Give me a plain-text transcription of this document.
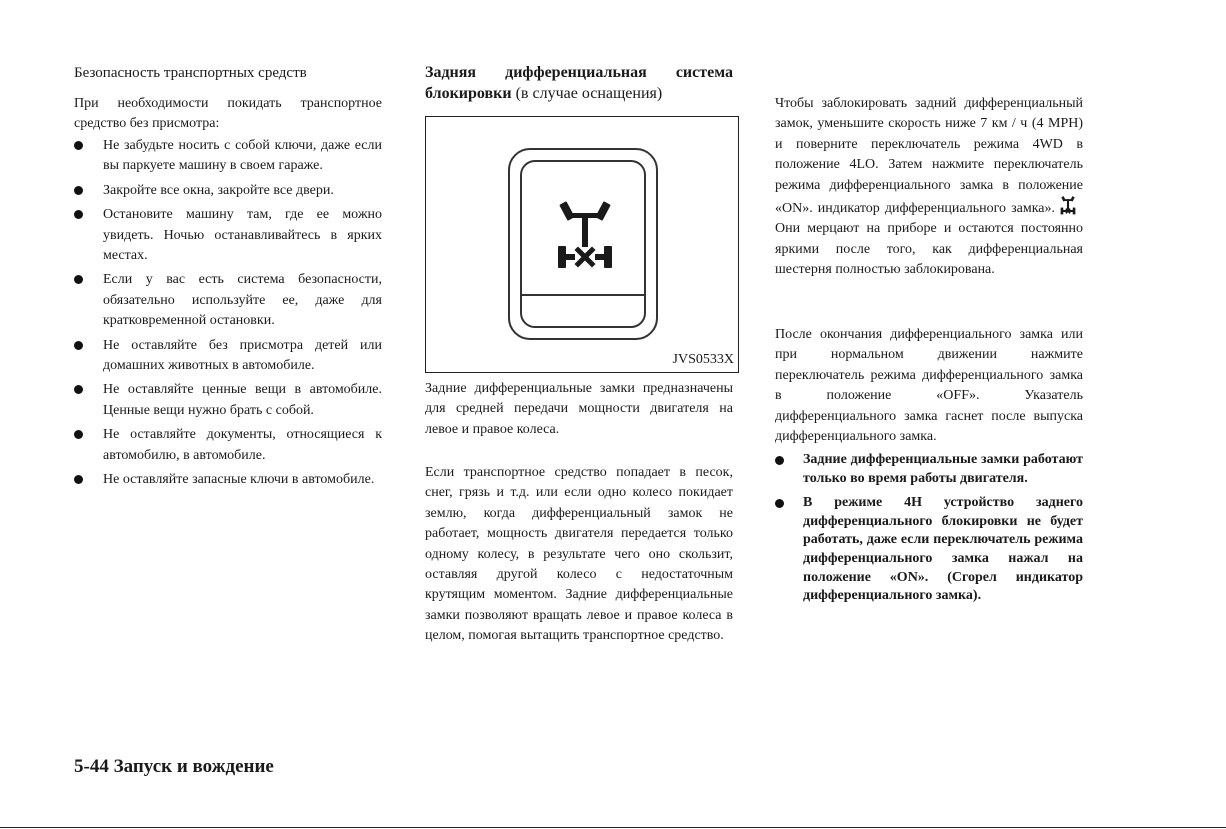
Безопасность транспортных средств

При необходимости покидать транспортное средство без присмотра:

Не забудьте носить с собой ключи, даже если вы паркуете машину в своем гараже.
Закройте все окна, закройте все двери.
Остановите машину там, где ее можно увидеть. Ночью останавливайтесь в ярких местах.
Если у вас есть система безопасности, обязательно используйте ее, даже для кратковременной остановки.
Не оставляйте без присмотра детей или домашних животных в автомобиле.
Не оставляйте ценные вещи в автомобиле. Ценные вещи нужно брать с собой.
Не оставляйте документы, относящиеся к автомобилю, в автомобиле.
Не оставляйте запасные ключи в автомобиле.
Задняя дифференциальная система блокировки (в случае оснащения)
JVS0533X

Задние дифференциальные замки предназначены для средней передачи мощности двигателя на левое и правое колеса.

Если транспортное средство попадает в песок, снег, грязь и т.д. или если одно колесо покидает землю, когда дифференциальный замок не работает, мощность двигателя передается только одному колесу, в результате чего оно скользит, оставляя другой колесо с недостаточным крутящим моментом. Задние дифференциальные замки позволяют вращать левое и правое колеса в целом, помогая вытащить транспортное средство.

Чтобы заблокировать задний дифференциальный замок, уменьшите скорость ниже 7 км / ч (4 MPH) и поверните переключатель режима 4WD в положение 4LO. Затем нажмите переключатель режима дифференциального замка в положение «ON». индикатор дифференциального замка».Они мерцают на приборе и остаются постоянно яркими после того, как дифференциальная шестерня полностью заблокирована.

После окончания дифференциального замка или при нормальном движении нажмите переключатель режима дифференциального замка в положение «OFF». Указатель дифференциального замка гаснет после выпуска дифференциального замка.

Задние дифференциальные замки работают только во время работы двигателя.
В режиме 4H устройство заднего дифференциального блокировки не будет работать, даже если переключатель режима дифференциального замка нажал на положение «ON». (Сгорел индикатор дифференциального замка).
5-44 Запуск и вождение
